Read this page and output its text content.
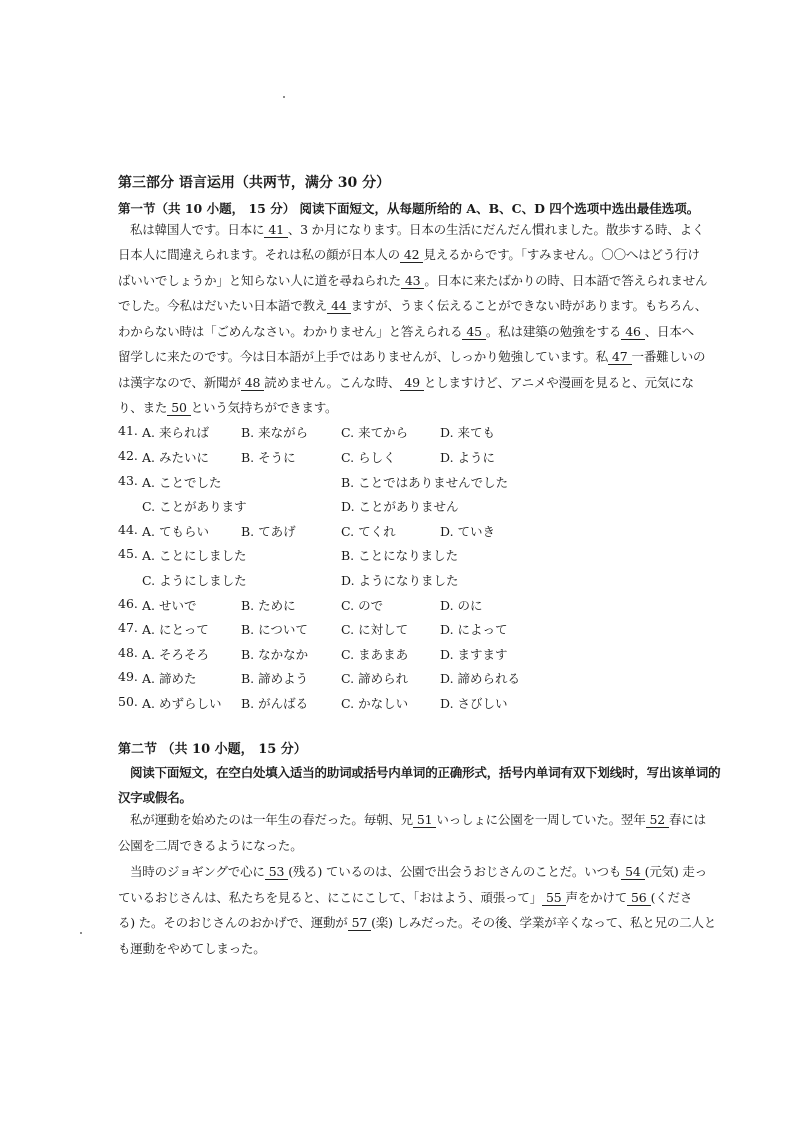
第三部分 语言运用（共两节，满分 30 分）
第一节（共 10 小题， 15 分） 阅读下面短文，从每题所给的 A、B、C、D 四个选项中选出最佳选项。
私は韓国人です。日本に 41 、3 か月になります。日本の生活にだんだん慣れました。散歩する時、よく
日本人に間違えられます。それは私の顔が日本人の 42 見えるからです。「すみません。〇〇へはどう行け
ばいいでしょうか」と知らない人に道を尋ねられた 43 。日本に来たばかりの時、日本語で答えられません
でした。今私はだいたい日本語で教え 44 ますが、うまく伝えることができない時があります。もちろん、
わからない時は「ごめんなさい。わかりません」と答えられる 45 。私は建築の勉強をする 46 、日本へ
留学しに来たのです。今は日本語が上手ではありませんが、しっかり勉強しています。私 47 一番難しいの
は漢字なので、新聞が 48 読めません。こんな時、 49 としますけど、アニメや漫画を見ると、元気にな
り、また 50 という気持ちができます。
41. A. 来られば	B. 来ながら	C. 来てから	D. 来ても
42. A. みたいに	B. そうに	C. らしく	D. ように
43. A. ことでした	B. ことではありませんでした
C. ことがあります	D. ことがありません
44. A. てもらい	B. てあげ	C. てくれ	D. ていき
45. A. ことにしました	B. ことになりました
C. ようにしました	D. ようになりました
46. A. せいで	B. ために	C. ので	D. のに
47. A. にとって	B. について	C. に対して	D. によって
48. A. そろそろ	B. なかなか	C. まあまあ	D. ますます
49. A. 諦めた	B. 諦めよう	C. 諦められ	D. 諦められる
50. A. めずらしい B. がんばる	C. かなしい	D. さびしい
第二节 （共 10 小题， 15 分）
阅读下面短文，在空白处填入适当的助词或括号内单词的正确形式，括号内单词有双下划线时，写出该单词的
汉字或假名。
私が運動を始めたのは一年生の春だった。毎朝、兄 51 いっしょに公園を一周していた。翌年 52 春には
公園を二周できるようになった。
当時のジョギングで心に 53 (残る) ているのは、公園で出会うおじさんのことだ。いつも 54 (元気) 走っ
ているおじさんは、私たちを見ると、にこにこして、「おはよう、頑張って」 55 声をかけて 56 (くださ
る) た。そのおじさんのおかげで、運動が 57 (楽) しみだった。その後、学業が辛くなって、私と兄の二人と
も運動をやめてしまった。
